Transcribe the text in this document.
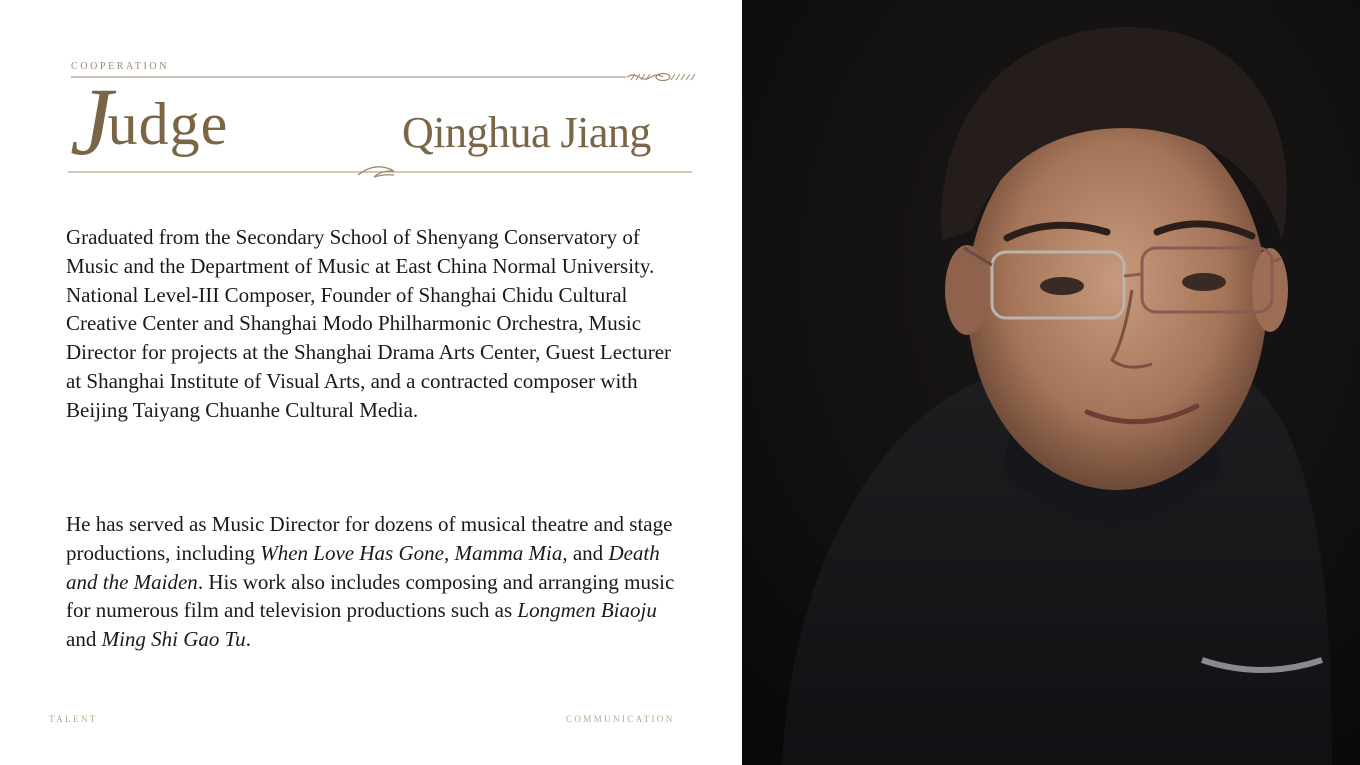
COOPERATION
Judge	Qinghua Jiang

Graduated from the Secondary School of Shenyang Conservatory of Music and the Department of Music at East China Normal University. National Level-III Composer, Founder of Shanghai Chidu Cultural Creative Center and Shanghai Modo Philharmonic Orchestra, Music Director for projects at the Shanghai Drama Arts Center, Guest Lecturer at Shanghai Institute of Visual Arts, and a contracted composer with Beijing Taiyang Chuanhe Cultural Media.

He has served as Music Director for dozens of musical theatre and stage productions, including When Love Has Gone, Mamma Mia, and Death and the Maiden. His work also includes composing and arranging music for numerous film and television productions such as Longmen Biaoju and Ming Shi Gao Tu.

TALENT	COMMUNICATION
